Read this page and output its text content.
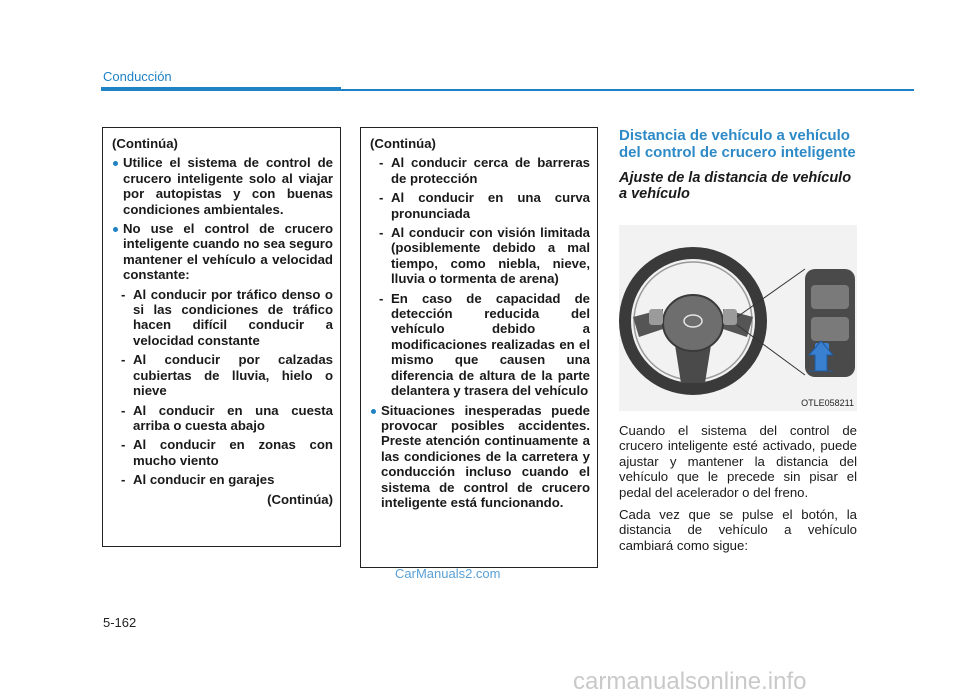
Conducción

(Continúa)

Utilice el sistema de control de crucero inteligente solo al viajar por autopistas y con buenas condiciones ambientales.

No use el control de crucero inteligente cuando no sea seguro mantener el vehículo a velocidad constante:

- Al conducir por tráfico denso o si las condiciones de tráfico hacen difícil conducir a velocidad constante
- Al conducir por calzadas cubiertas de lluvia, hielo o nieve
- Al conducir en una cuesta arriba o cuesta abajo
- Al conducir en zonas con mucho viento
- Al conducir en garajes

(Continúa)

(Continúa)

- Al conducir cerca de barreras de protección
- Al conducir en una curva pronunciada
- Al conducir con visión limitada (posiblemente debido a mal tiempo, como niebla, nieve, lluvia o tormenta de arena)
- En caso de capacidad de detección reducida del vehículo debido a modificaciones realizadas en el mismo que causen una diferencia de altura de la parte delantera y trasera del vehículo

Situaciones inesperadas puede provocar posibles accidentes. Preste atención continuamente a las condiciones de la carretera y conducción incluso cuando el sistema de control de crucero inteligente está funcionando.

Distancia de vehículo a vehículo del control de crucero inteligente

Ajuste de la distancia de vehículo a vehículo

OTLE058211

Cuando el sistema del control de crucero inteligente esté activado, puede ajustar y mantener la distancia del vehículo que le precede sin pisar el pedal del acelerador o del freno.

Cada vez que se pulse el botón, la distancia de vehículo a vehículo cambiará como sigue:

CarManuals2.com
5-162
carmanualsonline.info
